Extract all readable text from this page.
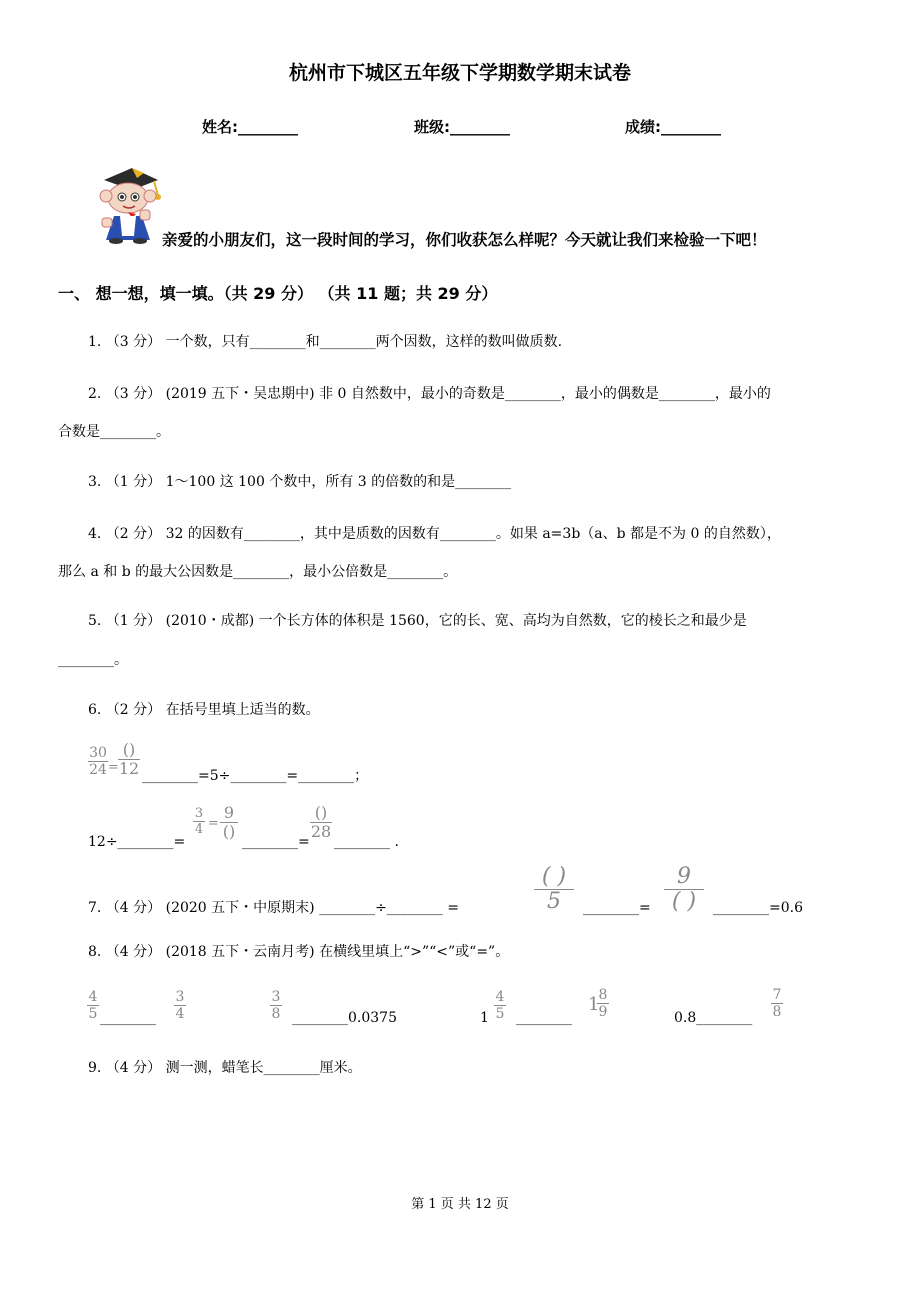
杭州市下城区五年级下学期数学期末试卷
姓名:________	班级:________	成绩:________
亲爱的小朋友们，这一段时间的学习，你们收获怎么样呢？今天就让我们来检验一下吧！
一、 想一想，填一填。（共 29 分） （共 11 题；共 29 分）
1. （3 分） 一个数，只有________和________两个因数，这样的数叫做质数.
2. （3 分） (2019 五下・吴忠期中) 非 0 自然数中，最小的奇数是________，最小的偶数是________，最小的
合数是________。
3. （1 分） 1～100 这 100 个数中，所有 3 的倍数的和是________
4. （2 分） 32 的因数有________，其中是质数的因数有________。如果 a=3b（a、b 都是不为 0 的自然数），
那么 a 和 b 的最大公因数是________，最小公倍数是________。
5. （1 分） (2010・成都) 一个长方体的体积是 1560，它的长、宽、高均为自然数，它的棱长之和最少是
________。
6. （2 分） 在括号里填上适当的数。
30
24 =
()
12 ________=5÷________=________；
12÷________=
3
4 =
9
()
________=
()
28
________ .
7. （4 分） (2020 五下・中原期末) ________÷________ =
( )
5	________=
9
( )	________=0.6
8. （4 分） (2018 五下・云南月考) 在横线里填上“>”“<”或“=”。
4
5 ________
3
4
3
8 ________0.0375	1
4
5 ________
1 8
9	0.8________
7
8
9. （4 分） 测一测，蜡笔长________厘米。
第 1 页 共 12 页
